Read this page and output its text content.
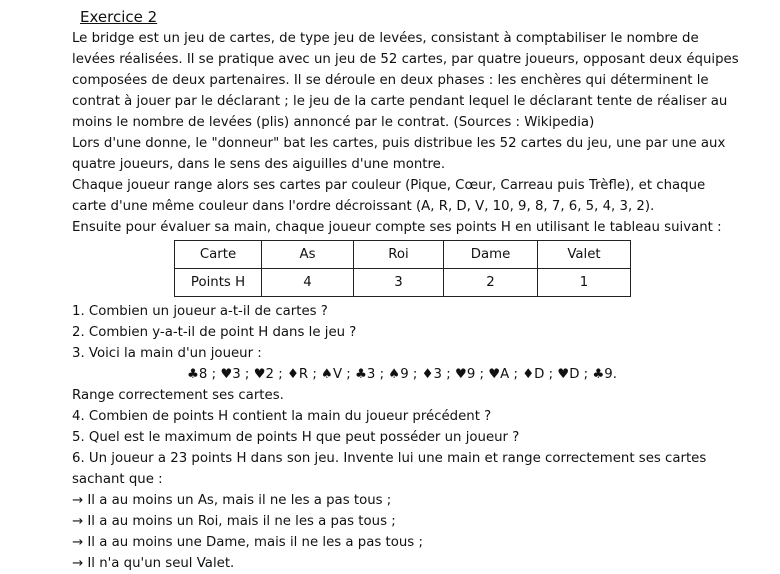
Exercice 2
Le bridge est un jeu de cartes, de type jeu de levées, consistant à comptabiliser le nombre de
levées réalisées. Il se pratique avec un jeu de 52 cartes, par quatre joueurs, opposant deux équipes
composées de deux partenaires. Il se déroule en deux phases : les enchères qui déterminent le
contrat à jouer par le déclarant ; le jeu de la carte pendant lequel le déclarant tente de réaliser au
moins le nombre de levées (plis) annoncé par le contrat. (Sources : Wikipedia)
Lors d'une donne, le "donneur" bat les cartes, puis distribue les 52 cartes du jeu, une par une aux
quatre joueurs, dans le sens des aiguilles d'une montre.
Chaque joueur range alors ses cartes par couleur (Pique, Cœur, Carreau puis Trèfle), et chaque
carte d'une même couleur dans l'ordre décroissant (A, R, D, V, 10, 9, 8, 7, 6, 5, 4, 3, 2).
Ensuite pour évaluer sa main, chaque joueur compte ses points H en utilisant le tableau suivant :
Carte	As	Roi	Dame	Valet
Points H	4	3	2	1
1. Combien un joueur a-t-il de cartes ?
2. Combien y-a-t-il de point H dans le jeu ?
3. Voici la main d'un joueur :
♣8 ; ♥3 ; ♥2 ; ♦R ; ♠V ; ♣3 ; ♠9 ; ♦3 ; ♥9 ; ♥A ; ♦D ; ♥D ; ♣9.
Range correctement ses cartes.
4. Combien de points H contient la main du joueur précédent ?
5. Quel est le maximum de points H que peut posséder un joueur ?
6. Un joueur a 23 points H dans son jeu. Invente lui une main et range correctement ses cartes
sachant que :
→ Il a au moins un As, mais il ne les a pas tous ;
→ Il a au moins un Roi, mais il ne les a pas tous ;
→ Il a au moins une Dame, mais il ne les a pas tous ;
→ Il n'a qu'un seul Valet.
